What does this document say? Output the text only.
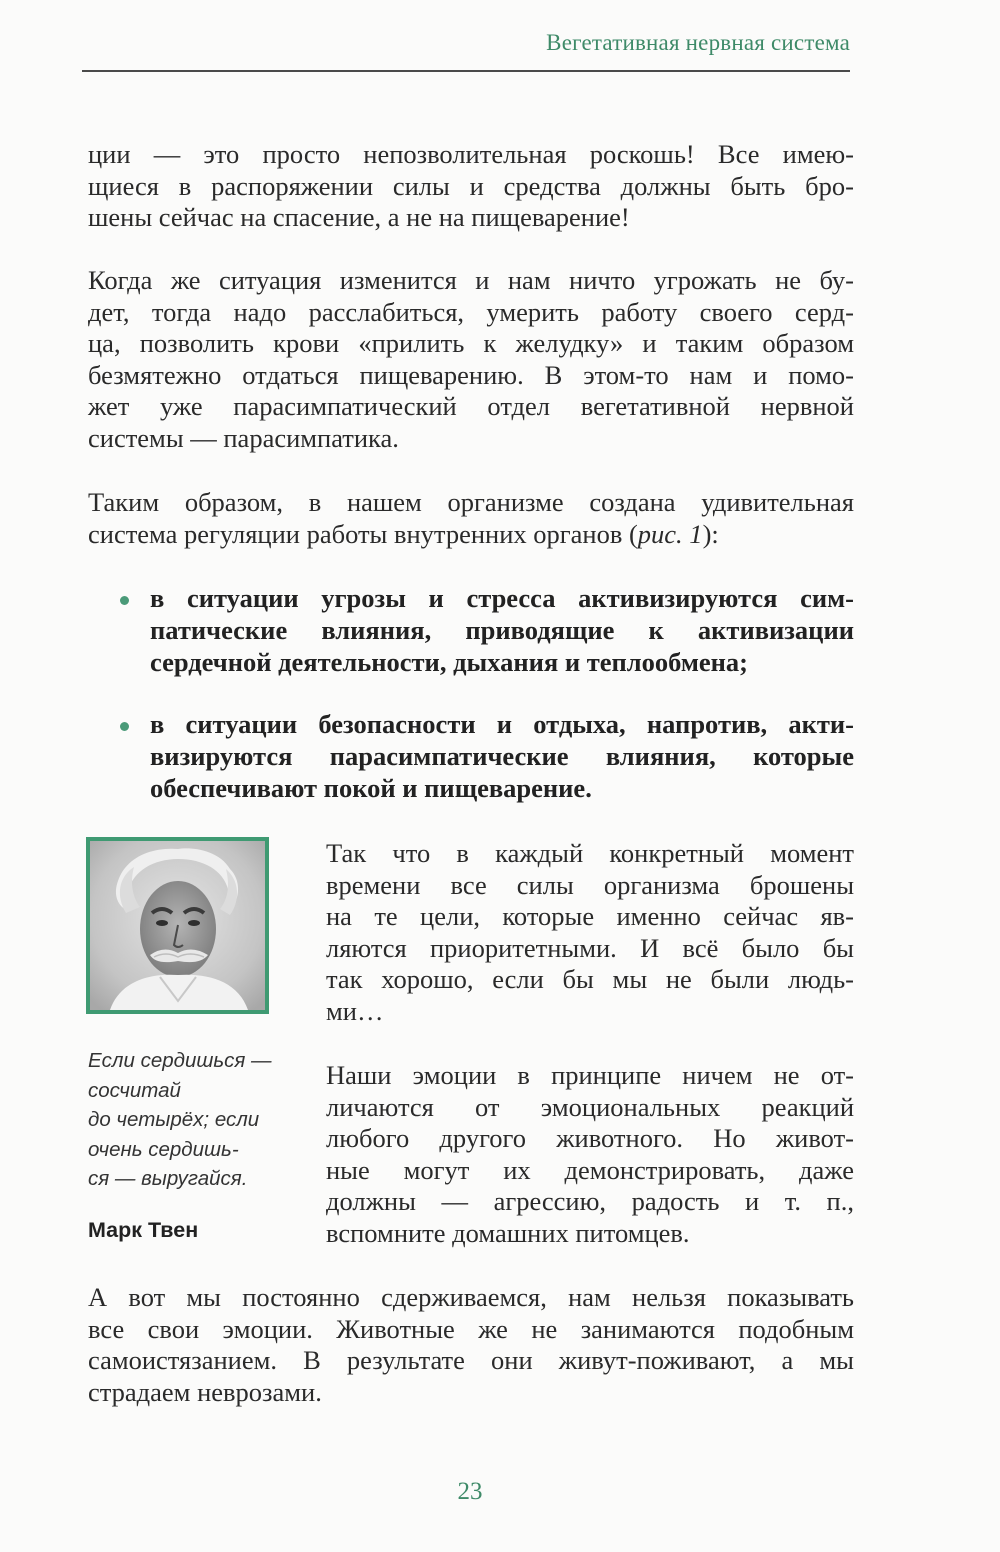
Вегетативная нервная система
ции — это просто непозволительная роскошь! Все имею-
щиеся в распоряжении силы и средства должны быть бро-
шены сейчас на спасение, а не на пищеварение!
Когда же ситуация изменится и нам ничто угрожать не бу-
дет, тогда надо расслабиться, умерить работу своего серд-
ца, позволить крови «прилить к желудку» и таким образом
безмятежно отдаться пищеварению. В этом-то нам и помо-
жет уже парасимпатический отдел вегетативной нервной
системы — парасимпатика.
Таким образом, в нашем организме создана удивительная
система регуляции работы внутренних органов (рис. 1):
в ситуации угрозы и стресса активизируются сим-
патические влияния, приводящие к активизации
сердечной деятельности, дыхания и теплообмена;
в ситуации безопасности и отдыха, напротив, акти-
визируются парасимпатические влияния, которые
обеспечивают покой и пищеварение.
Если сердишься —
сосчитай
до четырёх; если
очень сердишь-
ся — выругайся.
Марк Твен
Так что в каждый конкретный момент
времени все силы организма брошены
на те цели, которые именно сейчас яв-
ляются приоритетными. И всё было бы
так хорошо, если бы мы не были людь-
ми…
Наши эмоции в принципе ничем не от-
личаются от эмоциональных реакций
любого другого животного. Но живот-
ные могут их демонстрировать, даже
должны — агрессию, радость и т. п.,
вспомните домашних питомцев.
А вот мы постоянно сдерживаемся, нам нельзя показывать
все свои эмоции. Животные же не занимаются подобным
самоистязанием. В результате они живут-поживают, а мы
страдаем неврозами.
23
